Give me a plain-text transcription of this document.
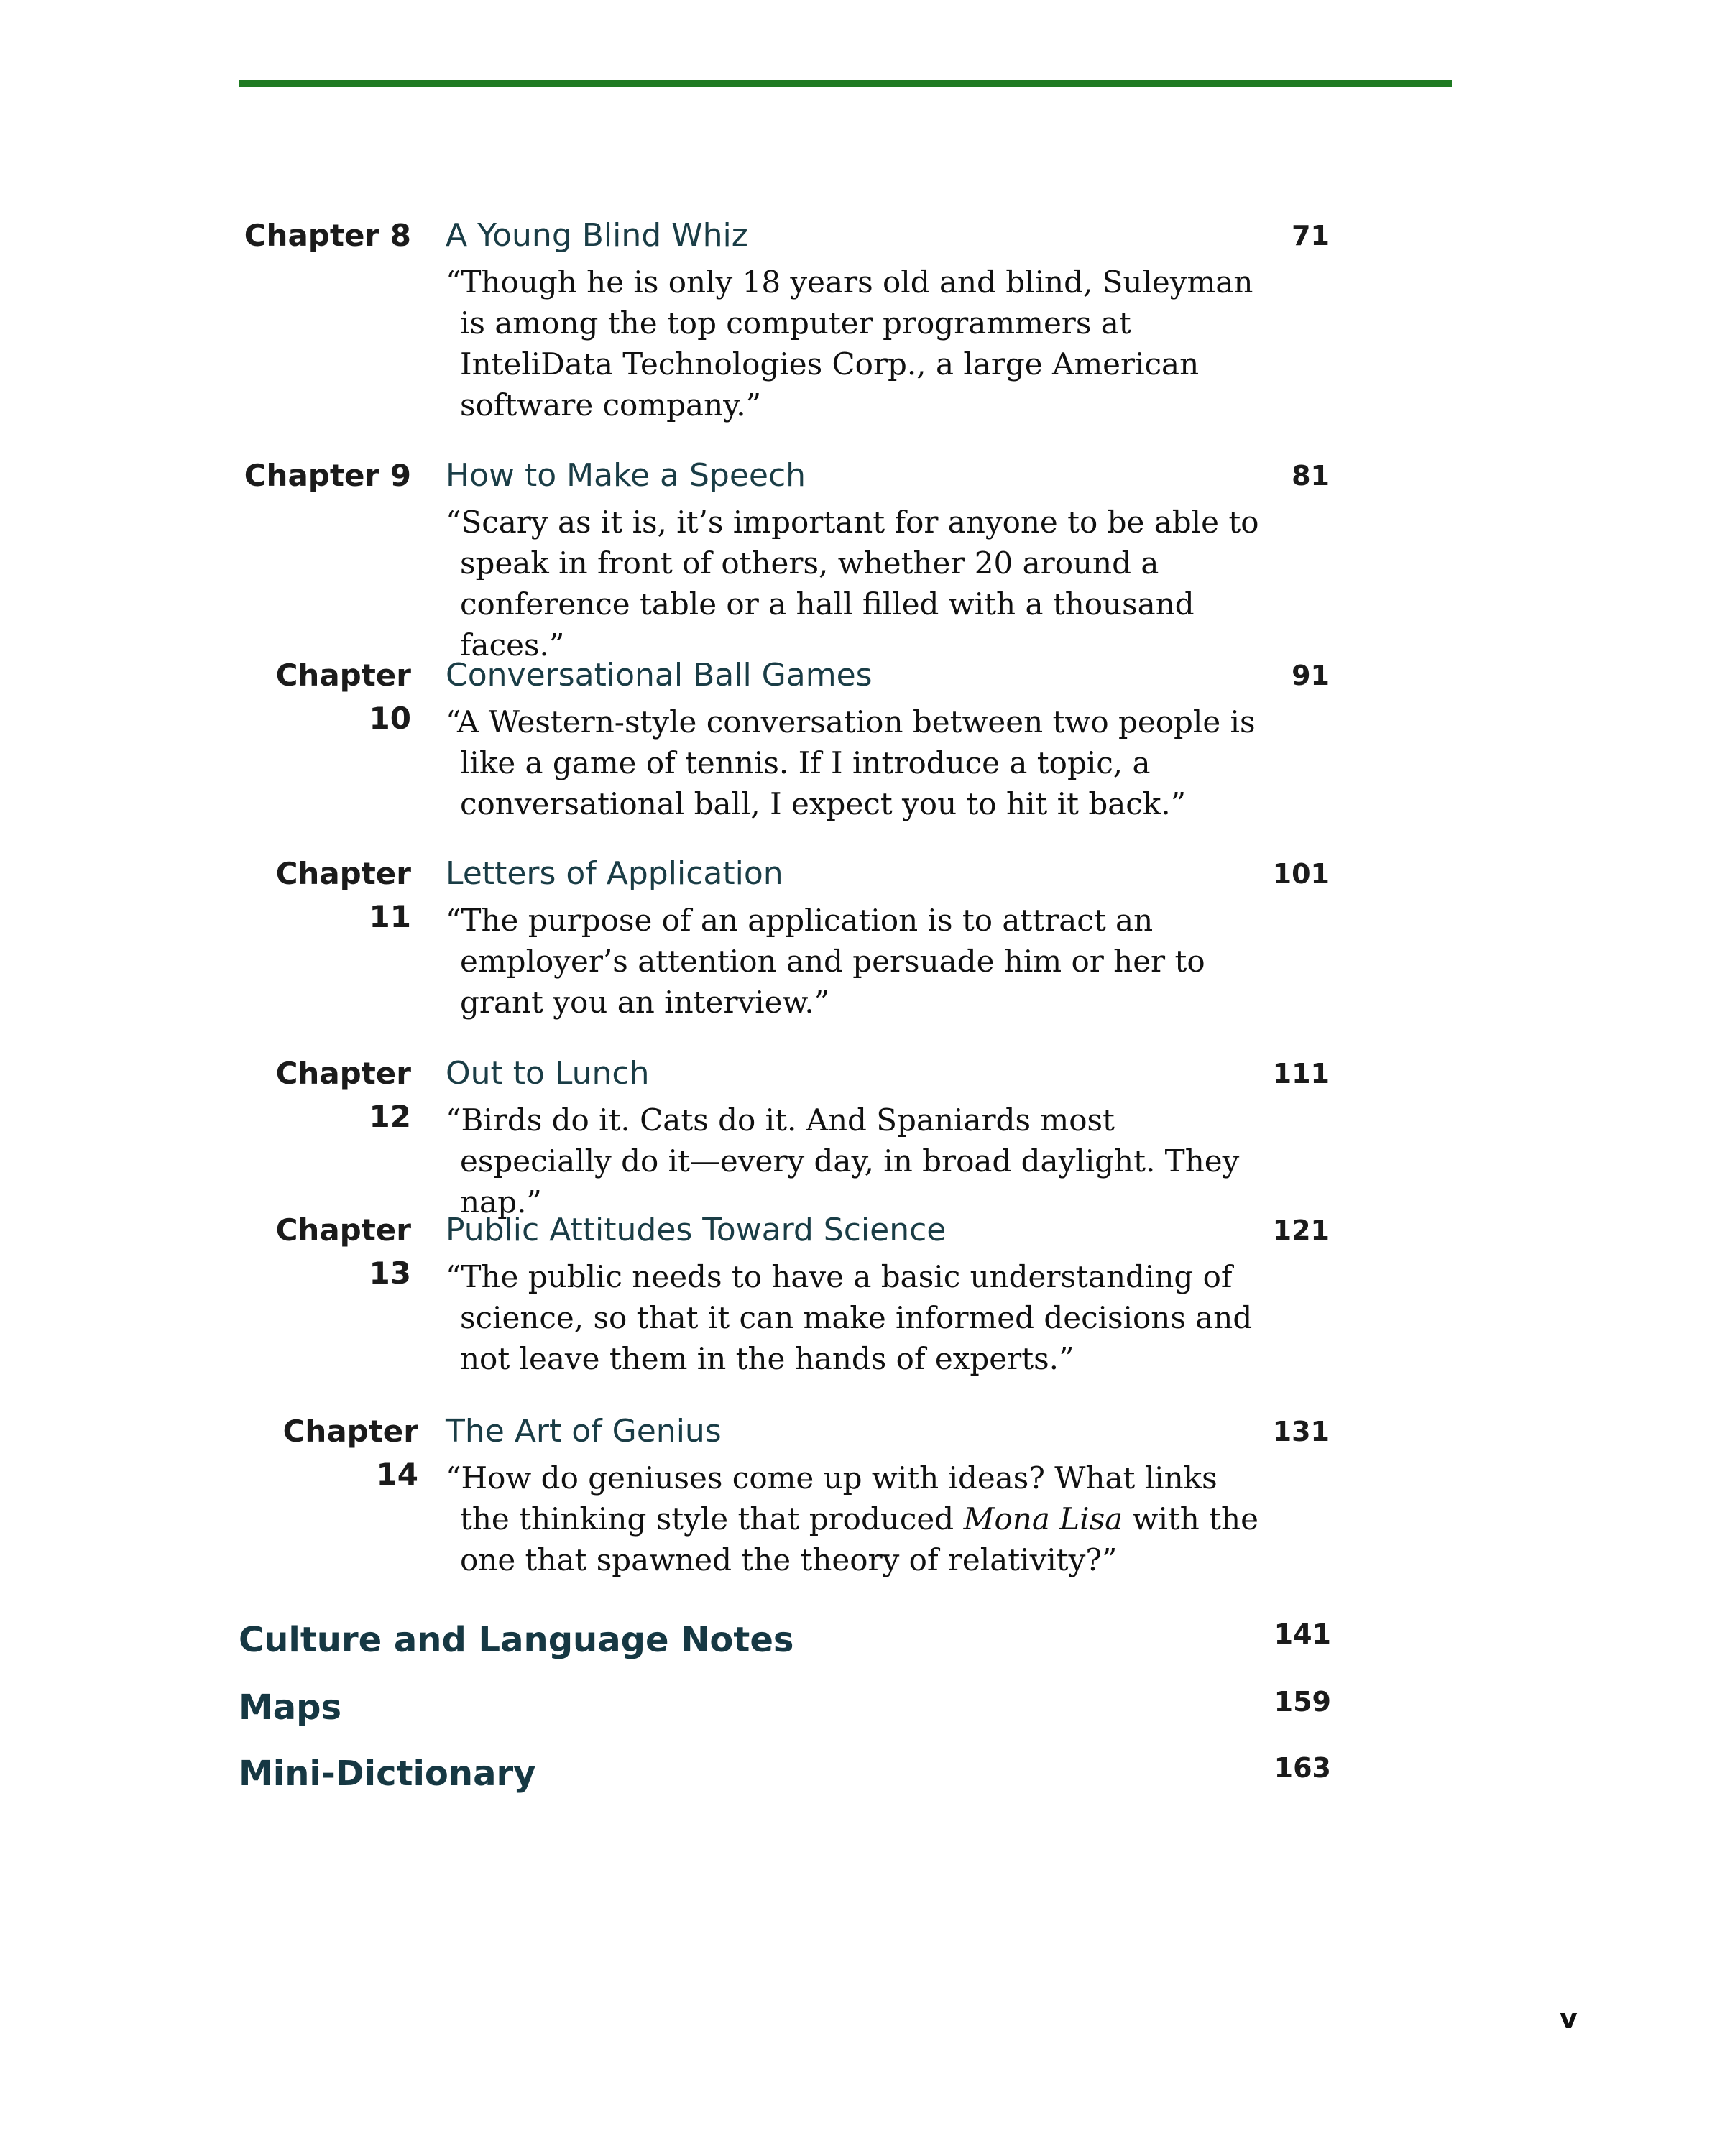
Chapter 8 A Young Blind Whiz	71
“Though he is only 18 years old and blind, Suleyman is among the top computer programmers at InteliData Technologies Corp., a large American software company.”
Chapter 9 How to Make a Speech	81
“Scary as it is, it’s important for anyone to be able to speak in front of others, whether 20 around a conference table or a hall filled with a thousand faces.”
Chapter 10
Conversational Ball Games	91
“A Western-style conversation between two people is like a game of tennis. If I introduce a topic, a conversational ball, I expect you to hit it back.”
Chapter 11
Letters of Application	101
“The purpose of an application is to attract an employer’s attention and persuade him or her to grant you an interview.”
Chapter 12
Out to Lunch	111
“Birds do it. Cats do it. And Spaniards most especially do it—every day, in broad daylight. They nap.”
Chapter 13
Public Attitudes Toward Science	121
“The public needs to have a basic understanding of science, so that it can make informed decisions and not leave them in the hands of experts.”
Chapter 14
The Art of Genius	131
“How do geniuses come up with ideas? What links the thinking style that produced Mona Lisa with the one that spawned the theory of relativity?”
Culture and Language Notes	141
Maps	159
Mini-Dictionary	163
v
